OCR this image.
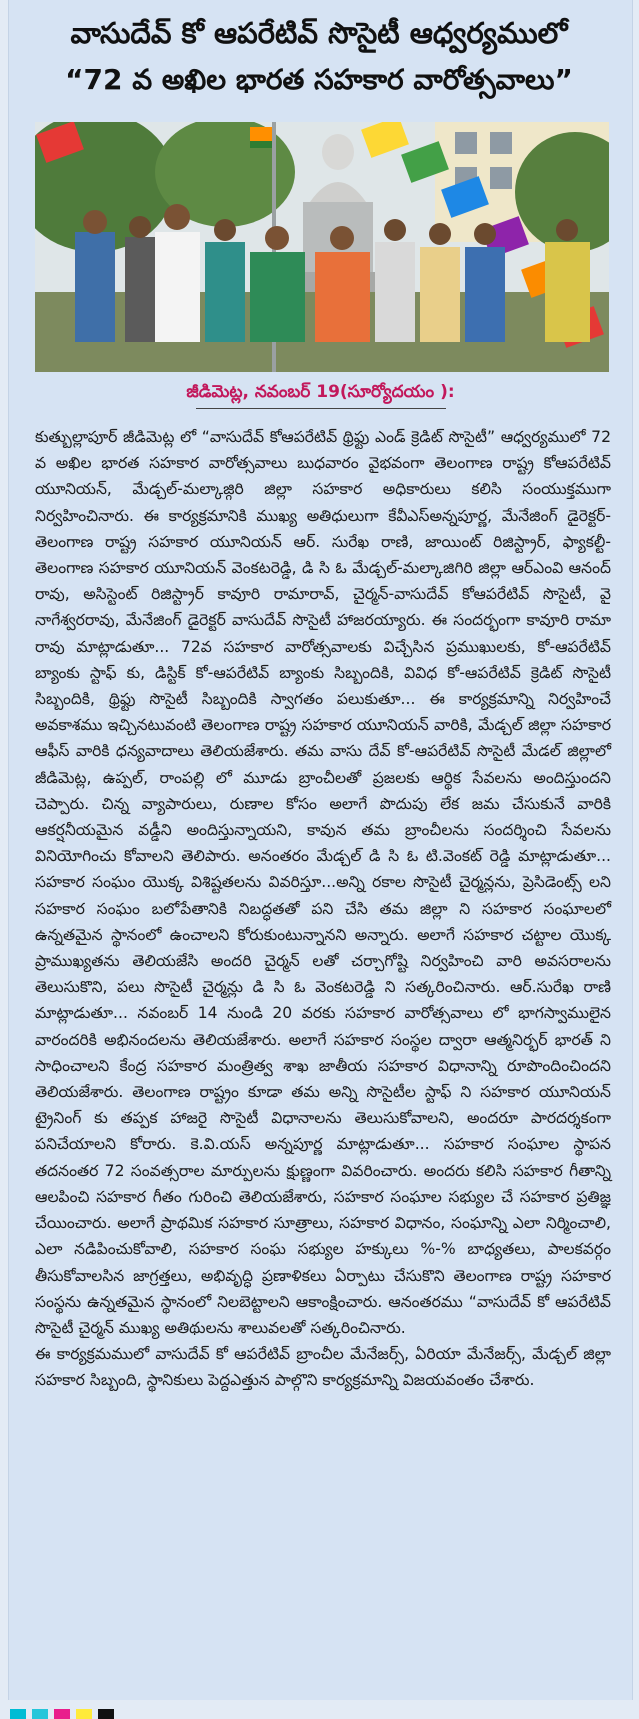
వాసుదేవ్ కో ఆపరేటివ్ సొసైటీ ఆధ్వర్యములో
“72 వ అఖిల భారత సహకార వారోత్సవాలు”
జీడిమెట్ల, నవంబర్ 19(సూర్యోదయం ):

కుత్బుల్లాపూర్ జీడిమెట్ల లో “వాసుదేవ్ కోఆపరేటివ్ థ్రిఫ్టు ఎండ్ క్రెడిట్ సొసైటీ” ఆధ్వర్యములో 72 వ అఖిల భారత సహకార వారోత్సవాలు బుధవారం వైభవంగా తెలంగాణ రాష్ట్ర కోఆపరేటివ్ యూనియన్, మేడ్చల్-మల్కాజ్గిరి జిల్లా సహకార అధికారులు కలిసి సంయుక్తముగా నిర్వహించినారు. ఈ కార్యక్రమానికి ముఖ్య అతిధులుగా కేవీఎస్అన్నపూర్ణ, మేనేజింగ్ డైరెక్టర్- తెలంగాణ రాష్ట్ర సహకార యూనియన్ ఆర్. సురేఖ రాణి, జాయింట్ రిజిస్ట్రార్, ఫ్యాకల్టీ- తెలంగాణ సహకార యూనియన్ వెంకటరెడ్డి, డి సి ఓ మేడ్చల్-మల్కాజిగిరి జిల్లా ఆర్ఎంవి ఆనంద్ రావు, అసిస్టెంట్ రిజిస్ట్రార్ కావూరి రామారావ్, చైర్మన్-వాసుదేవ్ కోఆపరేటివ్ సొసైటీ, వై నాగేశ్వరరావు, మేనేజింగ్ డైరెక్టర్ వాసుదేవ్ సొసైటీ హాజరయ్యారు. ఈ సందర్భంగా కావూరి రామా రావు మాట్లాడుతూ... 72వ సహకార వారోత్సవాలకు విచ్చేసిన ప్రముఖులకు, కో-ఆపరేటివ్ బ్యాంకు స్టాఫ్ కు, డిస్టిక్ కో-ఆపరేటివ్ బ్యాంకు సిబ్బందికి, వివిధ కో-ఆపరేటివ్ క్రెడిట్ సొసైటీ సిబ్బందికి, థ్రిఫ్టు సొసైటీ సిబ్బందికి స్వాగతం పలుకుతూ... ఈ కార్యక్రమాన్ని నిర్వహించే అవకాశము ఇచ్చినటువంటి తెలంగాణ రాష్ట్ర సహకార యూనియన్ వారికి, మేడ్చల్ జిల్లా సహకార ఆఫీస్ వారికి ధన్యవాదాలు తెలియజేశారు. తమ వాసు దేవ్ కో-ఆపరేటివ్ సొసైటీ మేడల్ జిల్లాలో జీడిమెట్ల, ఉప్పల్, రాంపల్లి లో మూడు బ్రాంచీలతో ప్రజలకు ఆర్థిక సేవలను అందిస్తుందని చెప్పారు. చిన్న వ్యాపారులు, రుణాల కోసం అలాగే పొదుపు లేక జమ చేసుకునే వారికి ఆకర్షనీయమైన వడ్డీని అందిస్తున్నాయని, కావున తమ బ్రాంచీలను సందర్శించి సేవలను వినియోగించు కోవాలని తెలిపారు. అనంతరం మేడ్చల్ డి సి ఓ టి.వెంకట్ రెడ్డి మాట్లాడుతూ... సహకార సంఘం యొక్క విశిష్టతలను వివరిస్తూ...అన్ని రకాల సొసైటీ చైర్మన్లను, ప్రెసిడెంట్స్ లని సహకార సంఘం బలోపేతానికి నిబద్ధతతో పని చేసి తమ జిల్లా ని సహకార సంఘాలలో ఉన్నతమైన స్థానంలో ఉంచాలని కోరుకుంటున్నానని అన్నారు. అలాగే సహకార చట్టాల యొక్క ప్రాముఖ్యతను తెలియజేసి అందరి చైర్మన్ లతో చర్చాగోష్టి నిర్వహించి వారి అవసరాలను తెలుసుకొని, పలు సొసైటీ చైర్మన్లు డి సి ఓ వెంకటరెడ్డి ని సత్కరించినారు. ఆర్.సురేఖ రాణి మాట్లాడుతూ... నవంబర్ 14 నుండి 20 వరకు సహకార వారోత్సవాలు లో భాగస్వాములైన వారందరికి అభినందలను తెలియజేశారు. అలాగే సహకార సంస్థల ద్వారా ఆత్మనిర్భర్ భారత్ ని సాధించాలని కేంద్ర సహకార మంత్రిత్వ శాఖ జాతీయ సహకార విధానాన్ని రూపొందించిందని తెలియజేశారు. తెలంగాణ రాష్ట్రం కూడా తమ అన్ని సొసైటీల స్టాఫ్ ని సహకార యూనియన్ ట్రైనింగ్ కు తప్పక హాజరై సొసైటీ విధానాలను తెలుసుకోవాలని, అందరూ పారదర్శకంగా పనిచేయాలని కోరారు. కె.వి.యస్ అన్నపూర్ణ మాట్లాడుతూ... సహకార సంఘాల స్థాపన తదనంతర 72 సంవత్సరాల మార్పులను క్షుణ్ణంగా వివరించారు. అందరు కలిసి సహకార గీతాన్ని ఆలపించి సహకార గీతం గురించి తెలియజేశారు, సహకార సంఘాల సభ్యుల చే సహకార ప్రతిజ్ఞ చేయించారు. అలాగే ప్రాథమిక సహకార సూత్రాలు, సహకార విధానం, సంఘాన్ని ఎలా నిర్మించాలి, ఎలా నడిపించుకోవాలి, సహకార సంఘ సభ్యుల హక్కులు %-% బాధ్యతలు, పాలకవర్గం తీసుకోవాలసిన జాగ్రత్తలు, అభివృద్ధి ప్రణాళికలు ఏర్పాటు చేసుకొని తెలంగాణ రాష్ట్ర సహకార సంస్థను ఉన్నతమైన స్థానంలో నిలబెట్టాలని ఆకాంక్షించారు. ఆనంతరము “వాసుదేవ్ కో ఆపరేటివ్ సొసైటీ చైర్మన్ ముఖ్య అతిథులను శాలువలతో సత్కరించినారు.

ఈ కార్యక్రమములో వాసుదేవ్ కో ఆపరేటివ్ బ్రాంచీల మేనేజర్స్, ఏరియా మేనేజర్స్, మేడ్చల్ జిల్లా సహకార సిబ్బంది, స్థానికులు పెద్దఎత్తున పాల్గొని కార్యక్రమాన్ని విజయవంతం చేశారు.
